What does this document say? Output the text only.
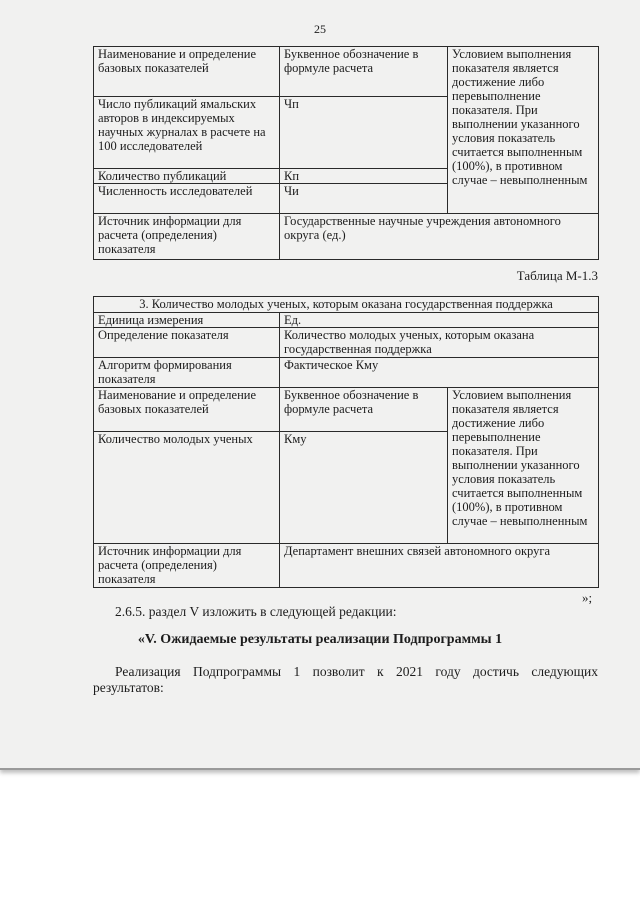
25
Наименование и определение базовых показателей	Буквенное обозначение в формуле расчета	Условием выполнения показателя является достижение либо перевыполнение показателя. При выполнении указанного условия показатель считается выполненным (100%), в противном случае – невыполненным
Число публикаций ямальских авторов в индексируемых научных журналах в расчете на 100 исследователей	Чп	
Количество публикаций	Кп	
Численность исследователей	Чи	
Источник информации для расчета (определения) показателя	Государственные научные учреждения автономного округа (ед.)	
Таблица М-1.3
3. Количество молодых ученых, которым оказана государственная поддержка		
Единица измерения	Ед.	
Определение показателя	Количество молодых ученых, которым оказана государственная поддержка	
Алгоритм формирования показателя	Фактическое Кму	
Наименование и определение базовых показателей	Буквенное обозначение в формуле расчета	Условием выполнения показателя является достижение либо перевыполнение показателя. При выполнении указанного условия показатель считается выполненным (100%), в противном случае – невыполненным
Количество молодых ученых	Кму	
Источник информации для расчета (определения) показателя	Департамент внешних связей автономного округа	
»;
2.6.5. раздел V изложить в следующей редакции:
«V. Ожидаемые результаты реализации Подпрограммы 1
Реализация Подпрограммы 1 позволит к 2021 году достичь следующих результатов:
